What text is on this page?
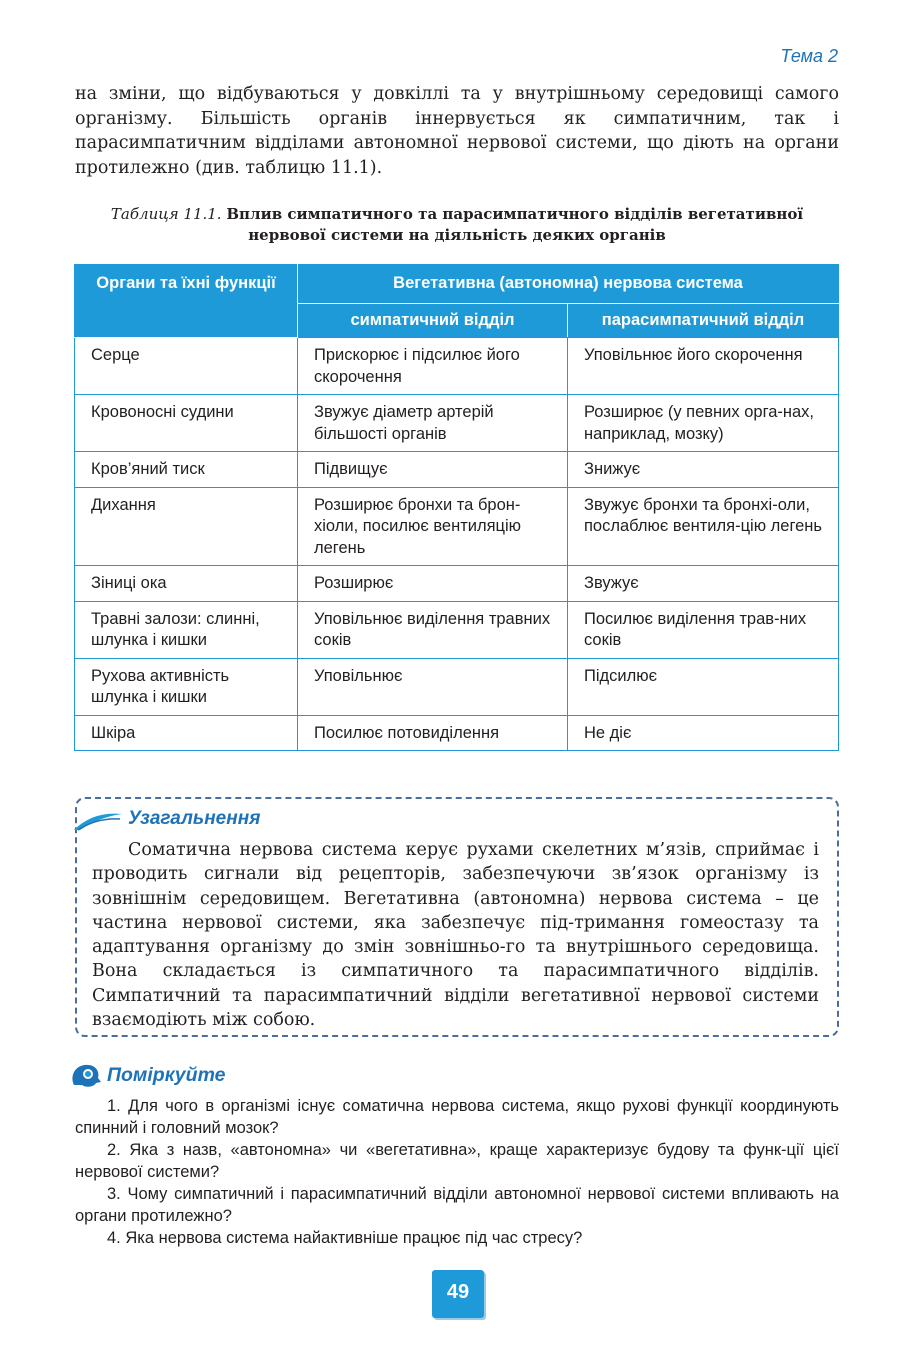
Тема 2

на зміни, що відбуваються у довкіллі та у внутрішньому середовищі самого організму. Більшість органів іннервується як симпатичним, так і парасимпатичним відділами автономної нервової системи, що діють на органи протилежно (див. таблицю 11.1).

Таблиця 11.1. Вплив симпатичного та парасимпатичного відділів вегетативної нервової системи на діяльність деяких органів
Органи та їхні функції	Вегетативна (автономна) нервова система	
	симпатичний відділ	парасимпатичний відділ
Серце	Прискорює і підсилює його скорочення	Уповільнює його скорочення
Кровоносні судини	Звужує діаметр артерій більшості органів	Розширює (у певних орга-нах, наприклад, мозку)
Кров’яний тиск	Підвищує	Знижує
Дихання	Розширює бронхи та брон-хіоли, посилює вентиляцію легень	Звужує бронхи та бронхі-оли, послаблює вентиля-цію легень
Зіниці ока	Розширює	Звужує
Травні залози: слинні, шлунка і кишки	Уповільнює виділення травних соків	Посилює виділення трав-них соків
Рухова активність шлунка і кишки	Уповільнює	Підсилює
Шкіра	Посилює потовиділення	Не діє
Узагальнення
Соматична нервова система керує рухами скелетних м’язів, сприймає і проводить сигнали від рецепторів, забезпечуючи зв’язок організму із зовнішнім середовищем. Вегетативна (автономна) нервова система – це частина нервової системи, яка забезпечує під-тримання гомеостазу та адаптування організму до змін зовнішньо-го та внутрішнього середовища. Вона складається із симпатичного та парасимпатичного відділів. Симпатичний та парасимпатичний відділи вегетативної нервової системи взаємодіють між собою.
Поміркуйте

1. Для чого в організмі існує соматична нервова система, якщо рухові функції координують спинний і головний мозок?

2. Яка з назв, «автономна» чи «вегетативна», краще характеризує будову та функ-ції цієї нервової системи?

3. Чому симпатичний і парасимпатичний відділи автономної нервової системи впливають на органи протилежно?

4. Яка нервова система найактивніше працює під час стресу?

49
